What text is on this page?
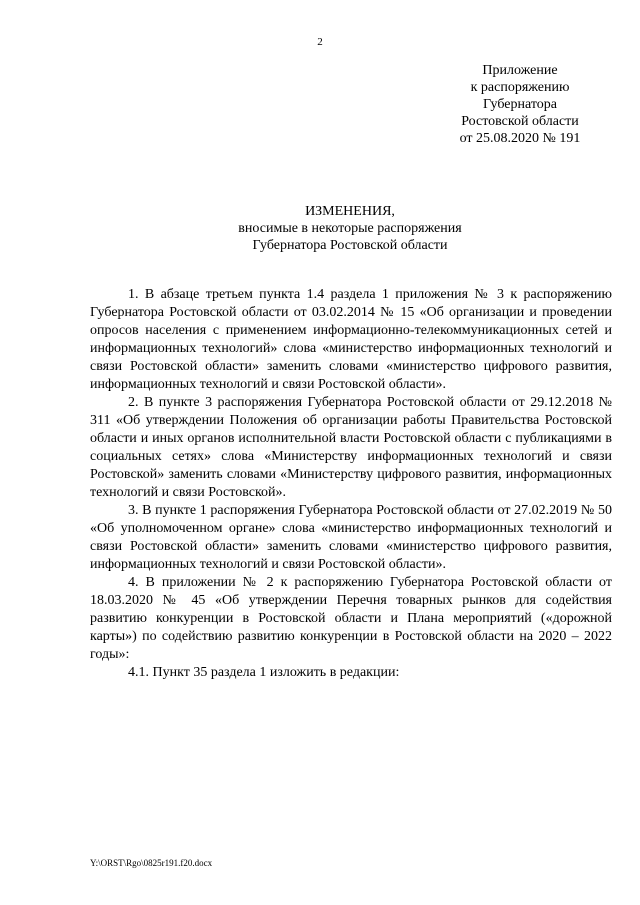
2
Приложение
к распоряжению
Губернатора
Ростовской области
от 25.08.2020 № 191
ИЗМЕНЕНИЯ,
вносимые в некоторые распоряжения
Губернатора Ростовской области

1. В абзаце третьем пункта 1.4 раздела 1 приложения № 3 к распоряжению Губернатора Ростовской области от 03.02.2014 № 15 «Об организации и проведении опросов населения с применением информационно-телекоммуникационных сетей и информационных технологий» слова «министерство информационных технологий и связи Ростовской области» заменить словами «министерство цифрового развития, информационных технологий и связи Ростовской области».

2. В пункте 3 распоряжения Губернатора Ростовской области от 29.12.2018 № 311 «Об утверждении Положения об организации работы Правительства Ростовской области и иных органов исполнительной власти Ростовской области с публикациями в социальных сетях» слова «Министерству информационных технологий и связи Ростовской» заменить словами «Министерству цифрового развития, информационных технологий и связи Ростовской».

3. В пункте 1 распоряжения Губернатора Ростовской области от 27.02.2019 № 50 «Об уполномоченном органе» слова «министерство информационных технологий и связи Ростовской области» заменить словами «министерство цифрового развития, информационных технологий и связи Ростовской области».

4. В приложении № 2 к распоряжению Губернатора Ростовской области от 18.03.2020 № 45 «Об утверждении Перечня товарных рынков для содействия развитию конкуренции в Ростовской области и Плана мероприятий («дорожной карты») по содействию развитию конкуренции в Ростовской области на 2020 – 2022 годы»:

4.1. Пункт 35 раздела 1 изложить в редакции:

Y:\ORST\Rgo\0825r191.f20.docx
